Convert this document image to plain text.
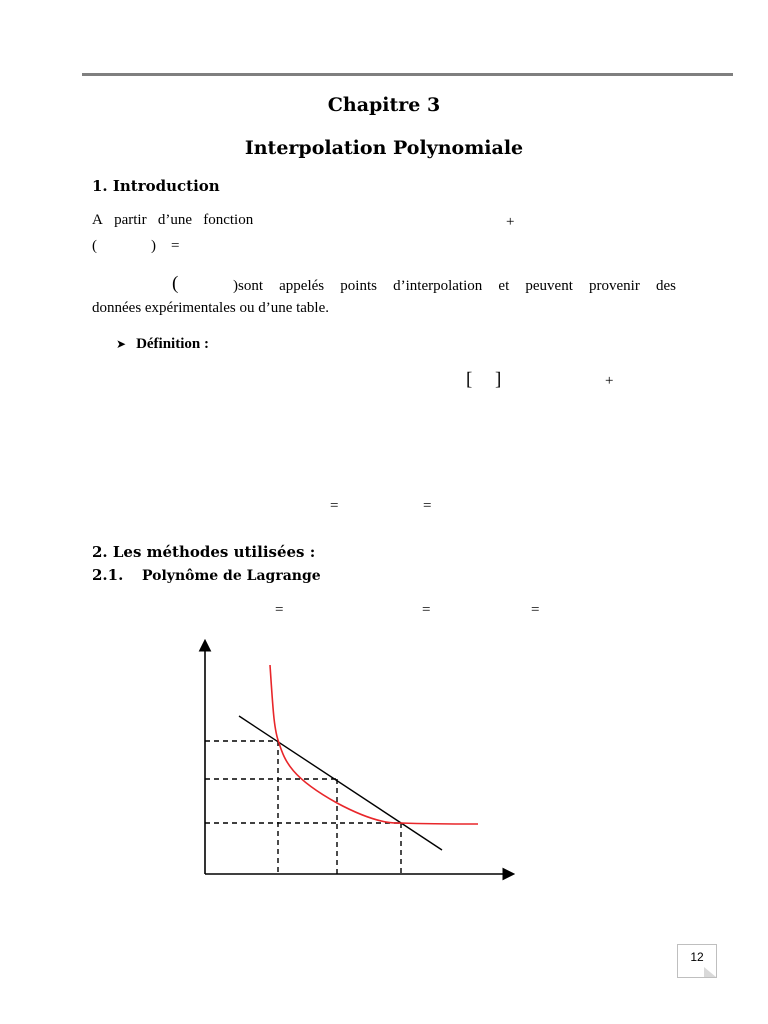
Chapitre 3
Interpolation Polynomiale
1. Introduction
A partir d’une fonction	+
(	) =
(	)sont appelés points d’interpolation et peuvent provenir des
données expérimentales ou d’une table.
➤ Définition :
[ ]	+
=	=
2. Les méthodes utilisées :
2.1. Polynôme de Lagrange
=	=	=
12
